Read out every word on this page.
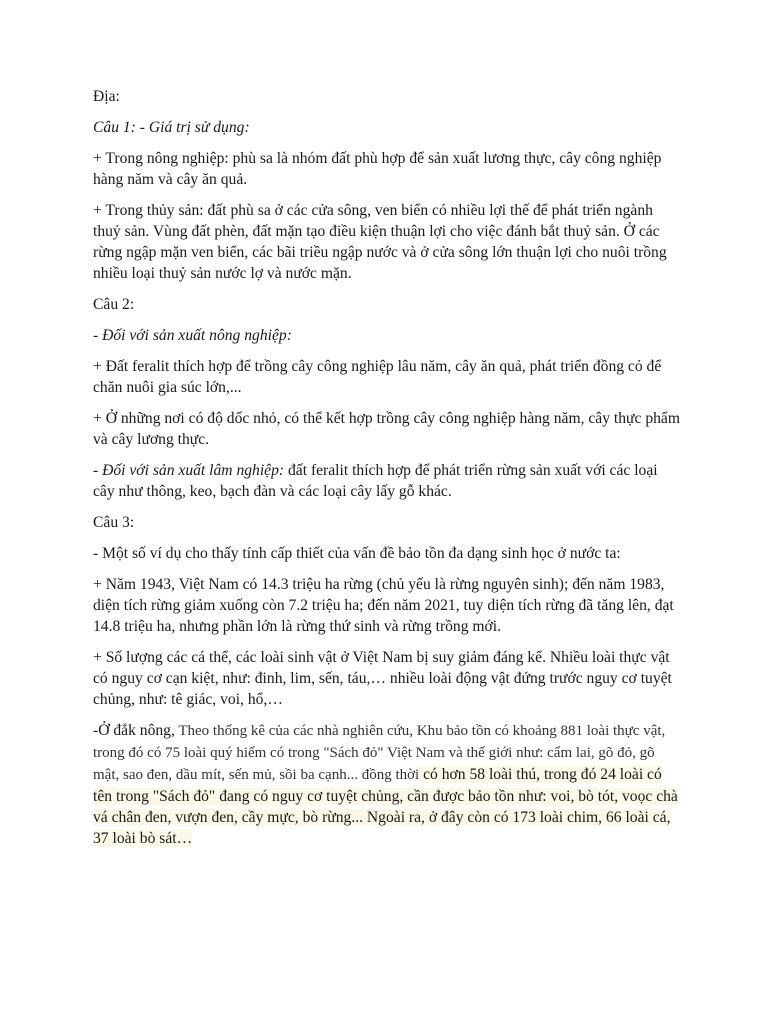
Địa:

Câu 1: - Giá trị sử dụng:

+ Trong nông nghiệp: phù sa là nhóm đất phù hợp để sản xuất lương thực, cây công nghiệp hàng năm và cây ăn quả.

+ Trong thủy sản: đất phù sa ở các cửa sông, ven biển có nhiều lợi thế để phát triển ngành thuỷ sản. Vùng đất phèn, đất mặn tạo điều kiện thuận lợi cho việc đánh bắt thuỷ sản. Ở các rừng ngập mặn ven biển, các bãi triều ngập nước và ở cửa sông lớn thuận lợi cho nuôi trồng nhiều loại thuỷ sản nước lợ và nước mặn.

Câu 2:

- Đối với sản xuất nông nghiệp:

+ Đất feralit thích hợp để trồng cây công nghiệp lâu năm, cây ăn quả, phát triển đồng cỏ để chăn nuôi gia súc lớn,...

+ Ở những nơi có độ dốc nhỏ, có thể kết hợp trồng cây công nghiệp hàng năm, cây thực phẩm và cây lương thực.

- Đối với sản xuất lâm nghiệp: đất feralit thích hợp để phát triển rừng sản xuất với các loại cây như thông, keo, bạch đàn và các loại cây lấy gỗ khác.

Câu 3:

- Một số ví dụ cho thấy tính cấp thiết của vấn đề bảo tồn đa dạng sinh học ở nước ta:

+ Năm 1943, Việt Nam có 14.3 triệu ha rừng (chủ yếu là rừng nguyên sinh); đến năm 1983, diện tích rừng giảm xuống còn 7.2 triệu ha; đến năm 2021, tuy diện tích rừng đã tăng lên, đạt 14.8 triệu ha, nhưng phần lớn là rừng thứ sinh và rừng trồng mới.

+ Số lượng các cá thể, các loài sinh vật ở Việt Nam bị suy giảm đáng kể. Nhiều loài thực vật có nguy cơ cạn kiệt, như: đinh, lim, sến, táu,… nhiều loài động vật đứng trước nguy cơ tuyệt chủng, như: tê giác, voi, hổ,…

-Ở đắk nông, Theo thống kê của các nhà nghiên cứu, Khu bảo tồn có khoảng 881 loài thực vật, trong đó có 75 loài quý hiếm có trong "Sách đỏ" Việt Nam và thế giới như: cẩm lai, gõ đỏ, gõ mật, sao đen, dầu mít, sến mủ, sồi ba cạnh... đồng thời có hơn 58 loài thú, trong đó 24 loài có tên trong "Sách đỏ" đang có nguy cơ tuyệt chủng, cần được bảo tồn như: voi, bò tót, voọc chà vá chân đen, vượn đen, cầy mực, bò rừng... Ngoài ra, ở đây còn có 173 loài chim, 66 loài cá, 37 loài bò sát…
